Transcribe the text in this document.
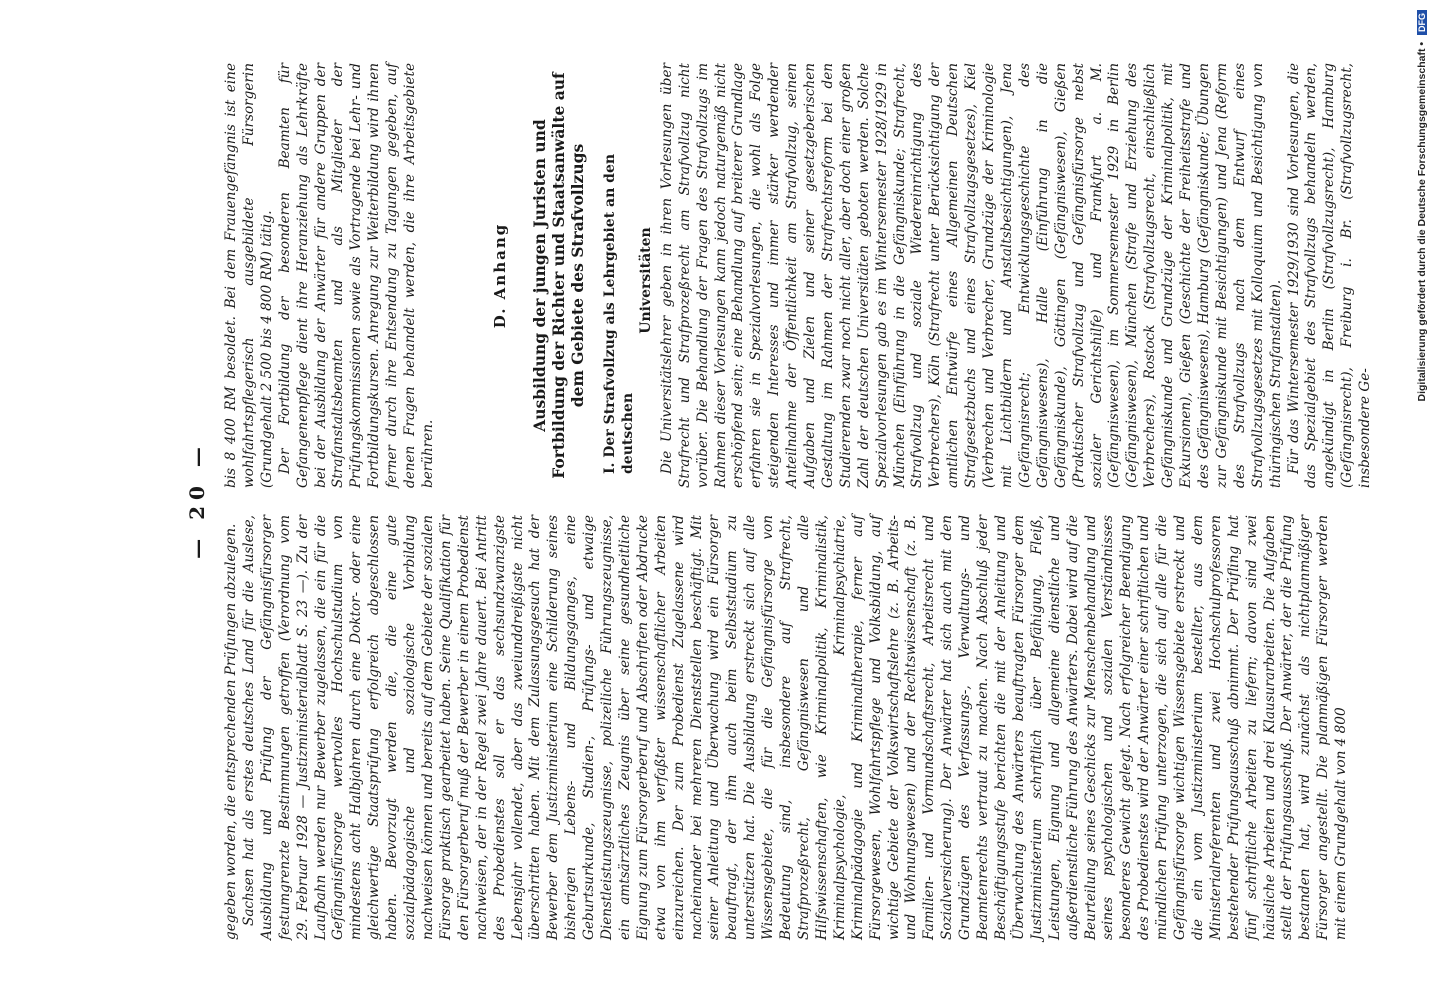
— 20 —

gegeben worden, die entsprechenden Prüfungen abzulegen. Sachsen hat als erstes deutsches Land für die Auslese, Ausbildung und Prüfung der Gefängnisfürsorger festumgrenzte Bestimmungen getroffen (Verordnung vom 29. Februar 1928 — Justizministerialblatt S. 23 —). Zu der Laufbahn werden nur Bewerber zugelassen, die ein für die Gefängnisfürsorge wertvolles Hochschulstudium von mindestens acht Halbjahren durch eine Doktor- oder eine gleichwertige Staatsprüfung erfolgreich abgeschlossen haben. Bevorzugt werden die, die eine gute sozialpädagogische und soziologische Vorbildung nachweisen können und bereits auf dem Gebiete der sozialen Fürsorge praktisch gearbeitet haben. Seine Qualifikation für den Fürsorgerberuf muß der Bewerber in einem Probedienst nachweisen, der in der Regel zwei Jahre dauert. Bei Antritt des Probedienstes soll er das sechsundzwanzigste Lebensjahr vollendet, aber das zweiunddreißigste nicht überschritten haben. Mit dem Zulassungsgesuch hat der Bewerber dem Justizministerium eine Schilderung seines bisherigen Lebens- und Bildungsganges, eine Geburtsurkunde, Studien-, Prüfungs- und etwaige Dienstleistungszeugnisse, polizeiliche Führungszeugnisse, ein amtsärztliches Zeugnis über seine gesundheitliche Eignung zum Fürsorgerberuf und Abschriften oder Abdrucke etwa von ihm verfaßter wissenschaftlicher Arbeiten einzureichen. Der zum Probedienst Zugelassene wird nacheinander bei mehreren Dienststellen beschäftigt. Mit seiner Anleitung und Überwachung wird ein Fürsorger beauftragt, der ihm auch beim Selbststudium zu unterstützen hat. Die Ausbildung erstreckt sich auf alle Wissensgebiete, die für die Gefängnisfürsorge von Bedeutung sind, insbesondere auf Strafrecht, Strafprozeßrecht, Gefängniswesen und alle Hilfswissenschaften, wie Kriminalpolitik, Kriminalistik, Kriminalpsychologie, Kriminalpsychiatrie, Kriminalpädagogie und Kriminaltherapie, ferner auf Fürsorgewesen, Wohlfahrtspflege und Volksbildung, auf wichtige Gebiete der Volkswirtschaftslehre (z. B. Arbeits- und Wohnungswesen) und der Rechtswissenschaft (z. B. Familien- und Vormundschaftsrecht, Arbeitsrecht und Sozialversicherung). Der Anwärter hat sich auch mit den Grundzügen des Verfassungs-, Verwaltungs- und Beamtenrechts vertraut zu machen. Nach Abschluß jeder Beschäftigungsstufe berichten die mit der Anleitung und Überwachung des Anwärters beauftragten Fürsorger dem Justizministerium schriftlich über Befähigung, Fleiß, Leistungen, Eignung und allgemeine dienstliche und außerdienstliche Führung des Anwärters. Dabei wird auf die Beurteilung seines Geschicks zur Menschenbehandlung und seines psychologischen und sozialen Verständnisses besonderes Gewicht gelegt. Nach erfolgreicher Beendigung des Probedienstes wird der Anwärter einer schriftlichen und mündlichen Prüfung unterzogen, die sich auf alle für die Gefängnisfürsorge wichtigen Wissensgebiete erstreckt und die ein vom Justizministerium bestellter, aus dem Ministerialreferenten und zwei Hochschulprofessoren bestehender Prüfungsausschuß abnimmt. Der Prüfling hat fünf schriftliche Arbeiten zu liefern; davon sind zwei häusliche Arbeiten und drei Klausurarbeiten. Die Aufgaben stellt der Prüfungsausschuß. Der Anwärter, der die Prüfung bestanden hat, wird zunächst als nichtplanmäßiger Fürsorger angestellt. Die planmäßigen Fürsorger werden mit einem Grundgehalt von 4 800

bis 8 400 RM besoldet. Bei dem Frauengefängnis ist eine wohlfahrtspflegerisch ausgebildete Fürsorgerin (Grundgehalt 2 500 bis 4 800 RM) tätig. Der Fortbildung der besonderen Beamten für Gefangenenpflege dient ihre Heranziehung als Lehrkräfte bei der Ausbildung der Anwärter für andere Gruppen der Strafanstaltsbeamten und als Mitglieder der Prüfungskommissionen sowie als Vortragende bei Lehr- und Fortbildungskursen. Anregung zur Weiterbildung wird ihnen ferner durch ihre Entsendung zu Tagungen gegeben, auf denen Fragen behandelt werden, die ihre Arbeitsgebiete berühren.

D. Anhang Ausbildung der jungen Juristen und Fortbildung der Richter und Staatsanwälte auf dem Gebiete des Strafvollzugs I. Der Strafvollzug als Lehrgebiet an den deutschen
Universitäten Die Universitätslehrer geben in ihren Vorlesungen über Strafrecht und Strafprozeßrecht am Strafvollzug nicht vorüber. Die Behandlung der Fragen des Strafvollzugs im Rahmen dieser Vorlesungen kann jedoch naturgemäß nicht erschöpfend sein; eine Behandlung auf breiterer Grundlage erfahren sie in Spezialvorlesungen, die wohl als Folge steigenden Interesses und immer stärker werdender Anteilnahme der Öffentlichkeit am Strafvollzug, seinen Aufgaben und Zielen und seiner gesetzgeberischen Gestaltung im Rahmen der Strafrechtsreform bei den Studierenden zwar noch nicht aller, aber doch einer großen Zahl der deutschen Universitäten geboten werden. Solche Spezialvorlesungen gab es im Wintersemester 1928/1929 in München (Einführung in die Gefängniskunde; Strafrecht, Strafvollzug und soziale Wiedereinrichtigung des Verbrechers), Köln (Strafrecht unter Berücksichtigung der amtlichen Entwürfe eines Allgemeinen Deutschen Strafgesetzbuchs und eines Strafvollzugsgesetzes), Kiel (Verbrechen und Verbrecher, Grundzüge der Kriminologie mit Lichtbildern und Anstaltsbesichtigungen), Jena (Gefängnisrecht; Entwicklungsgeschichte des Gefängniswesens), Halle (Einführung in die Gefängniskunde), Göttingen (Gefängniswesen), Gießen (Praktischer Strafvollzug und Gefängnisfürsorge nebst sozialer Gerichtshilfe) und Frankfurt a. M. (Gefängniswesen), im Sommersemester 1929 in Berlin (Gefängniswesen), München (Strafe und Erziehung des Verbrechers), Rostock (Strafvollzugsrecht, einschließlich Gefängniskunde und Grundzüge der Kriminalpolitik, mit Exkursionen), Gießen (Geschichte der Freiheitsstrafe und des Gefängniswesens), Hamburg (Gefängniskunde; Übungen zur Gefängniskunde mit Besichtigungen) und Jena (Reform des Strafvollzugs nach dem Entwurf eines Strafvollzugsgesetzes mit Kolloquium und Besichtigung von thüringischen Strafanstalten). Für das Wintersemester 1929/1930 sind Vorlesungen, die das Spezialgebiet des Strafvollzugs behandeln werden, angekündigt in Berlin (Strafvollzugsrecht), Hamburg (Gefängnisrecht), Freiburg i. Br. (Strafvollzugsrecht, insbesondere Ge-

Digitalisierung gefördert durch die Deutsche Forschungsgemeinschaft • DFG
